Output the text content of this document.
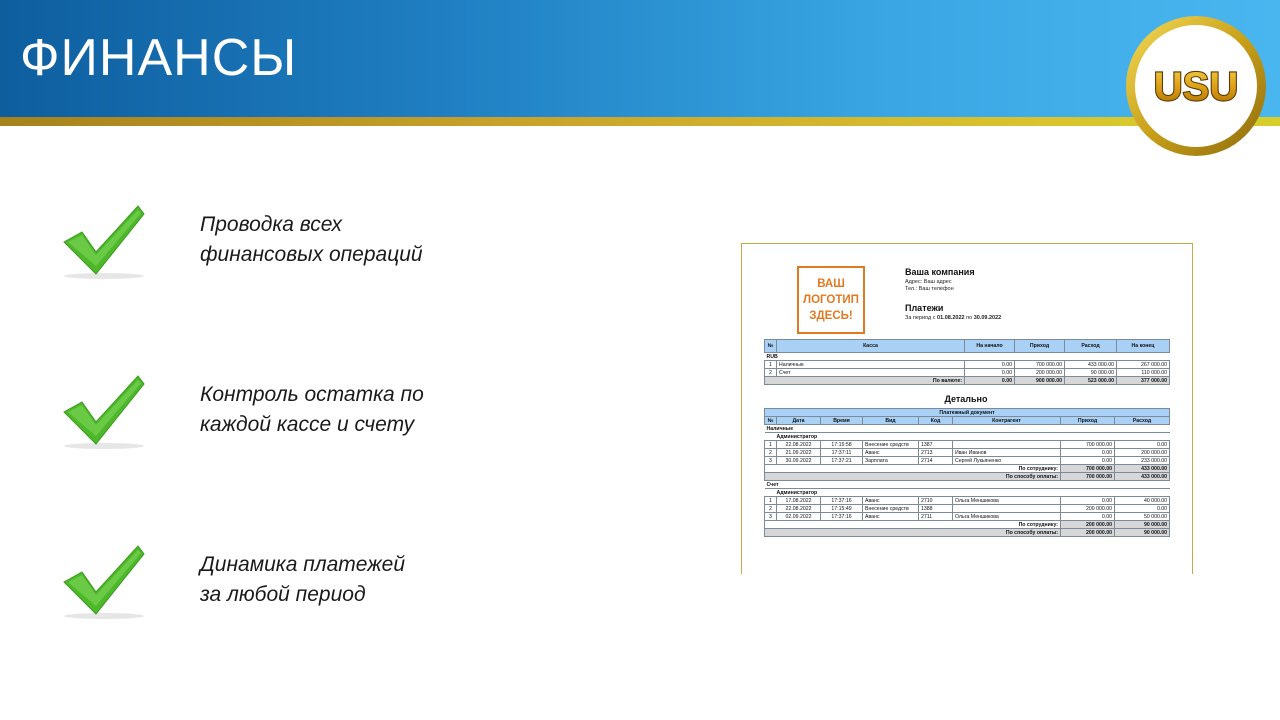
ФИНАНСЫ	USU
Проводка всех
финансовых операций
Контроль остатка по
каждой кассе и счету
Динамика платежей
за любой период
ВАШ
ЛОГОТИП
ЗДЕСЬ!
Ваша компания
Адрес: Ваш адрес
Тел.: Ваш телефон
Платежи
За период с 01.08.2022 по 30.09.2022
№	Касса	На начало	Приход	Расход	На конец
RUB					
1	Наличные	0.00	700 000.00	433 000.00	267 000.00
2	Счет	0.00	200 000.00	90 000.00	110 000.00
По валюте:		0.00	900 000.00	523 000.00	377 000.00
Детально
Платежный документ							
№	Дата	Время	Вид	Код	Контрагент	Приход	Расход
Наличные							
Администратор							
1	22.08.2022	17:15:58	Внесение средств	1387		700 000.00	0.00
2	21.09.2022	17:37:11	Аванс	2713	Иван Иванов	0.00	200 000.00
3	30.09.2022	17:37:21	Зарплата	2714	Сергей Лукьяненко	0.00	233 000.00
По сотруднику:						700 000.00	433 000.00
По способу оплаты:						700 000.00	433 000.00
Счет							
Администратор							
1	17.08.2022	17:37:16	Аванс	2710	Ольга Меншикова	0.00	40 000.00
2	22.08.2022	17:15:49	Внесение средств	1388		200 000.00	0.00
3	02.09.2022	17:37:16	Аванс	2711	Ольга Меншикова	0.00	50 000.00
По сотруднику:						200 000.00	90 000.00
По способу оплаты:						200 000.00	90 000.00
